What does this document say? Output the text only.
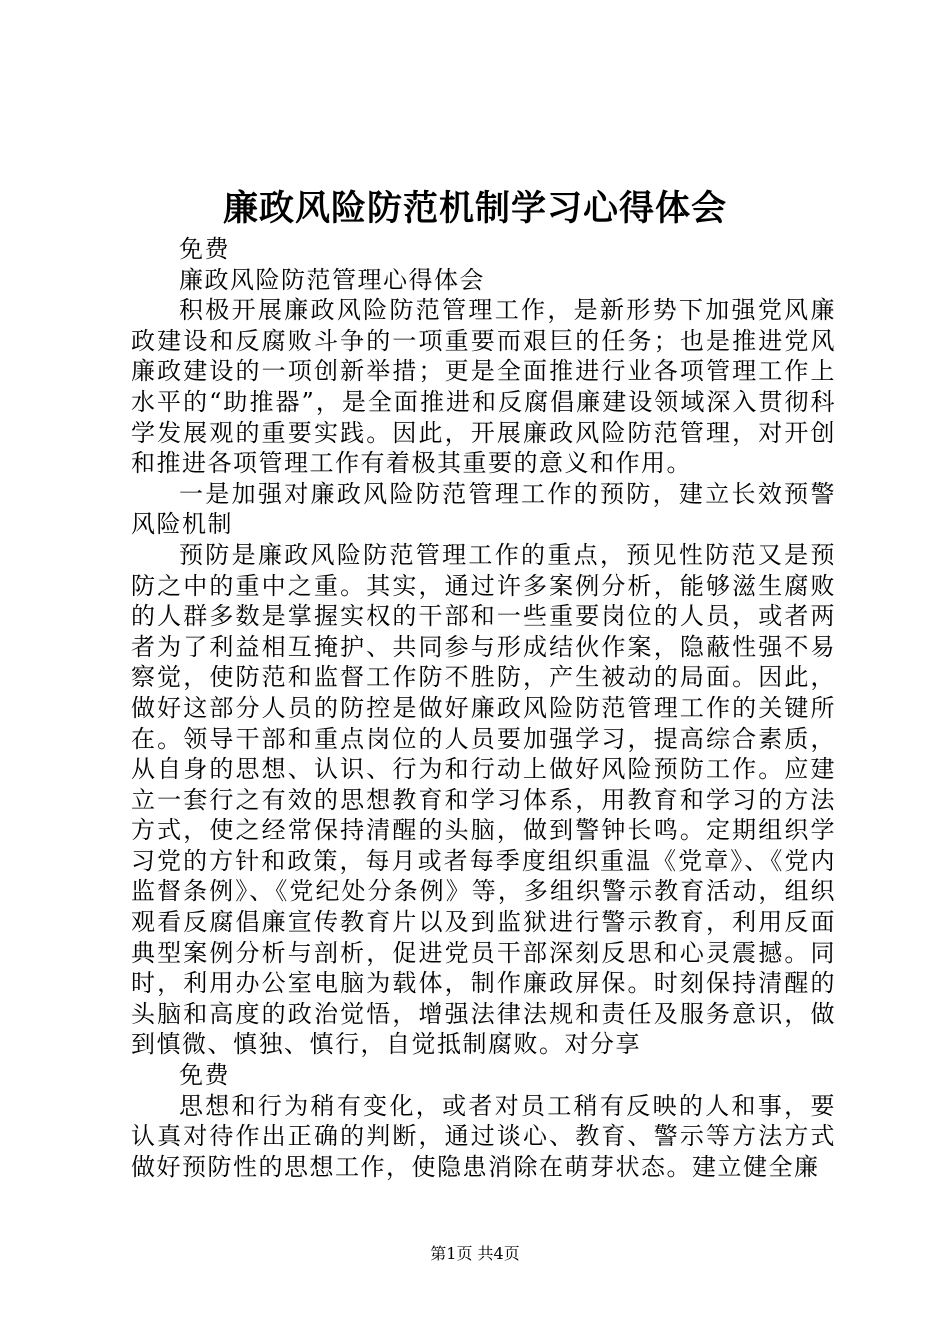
廉政风险防范机制学习心得体会

免费

廉政风险防范管理心得体会

积极开展廉政风险防范管理工作，是新形势下加强党风廉政建设和反腐败斗争的一项重要而艰巨的任务；也是推进党风廉政建设的一项创新举措；更是全面推进行业各项管理工作上水平的“助推器”，是全面推进和反腐倡廉建设领域深入贯彻科学发展观的重要实践。因此，开展廉政风险防范管理，对开创和推进各项管理工作有着极其重要的意义和作用。

一是加强对廉政风险防范管理工作的预防，建立长效预警风险机制

预防是廉政风险防范管理工作的重点，预见性防范又是预防之中的重中之重。其实，通过许多案例分析，能够滋生腐败的人群多数是掌握实权的干部和一些重要岗位的人员，或者两者为了利益相互掩护、共同参与形成结伙作案，隐蔽性强不易察觉，使防范和监督工作防不胜防，产生被动的局面。因此，做好这部分人员的防控是做好廉政风险防范管理工作的关键所在。领导干部和重点岗位的人员要加强学习，提高综合素质，从自身的思想、认识、行为和行动上做好风险预防工作。应建立一套行之有效的思想教育和学习体系，用教育和学习的方法方式，使之经常保持清醒的头脑，做到警钟长鸣。定期组织学习党的方针和政策，每月或者每季度组织重温《党章》、《党内监督条例》、《党纪处分条例》等，多组织警示教育活动，组织观看反腐倡廉宣传教育片以及到监狱进行警示教育，利用反面典型案例分析与剖析，促进党员干部深刻反思和心灵震撼。同时，利用办公室电脑为载体，制作廉政屏保。时刻保持清醒的头脑和高度的政治觉悟，增强法律法规和责任及服务意识，做到慎微、慎独、慎行，自觉抵制腐败。对分享

免费

思想和行为稍有变化，或者对员工稍有反映的人和事，要认真对待作出正确的判断，通过谈心、教育、警示等方法方式做好预防性的思想工作，使隐患消除在萌芽状态。建立健全廉

第1页 共4页
